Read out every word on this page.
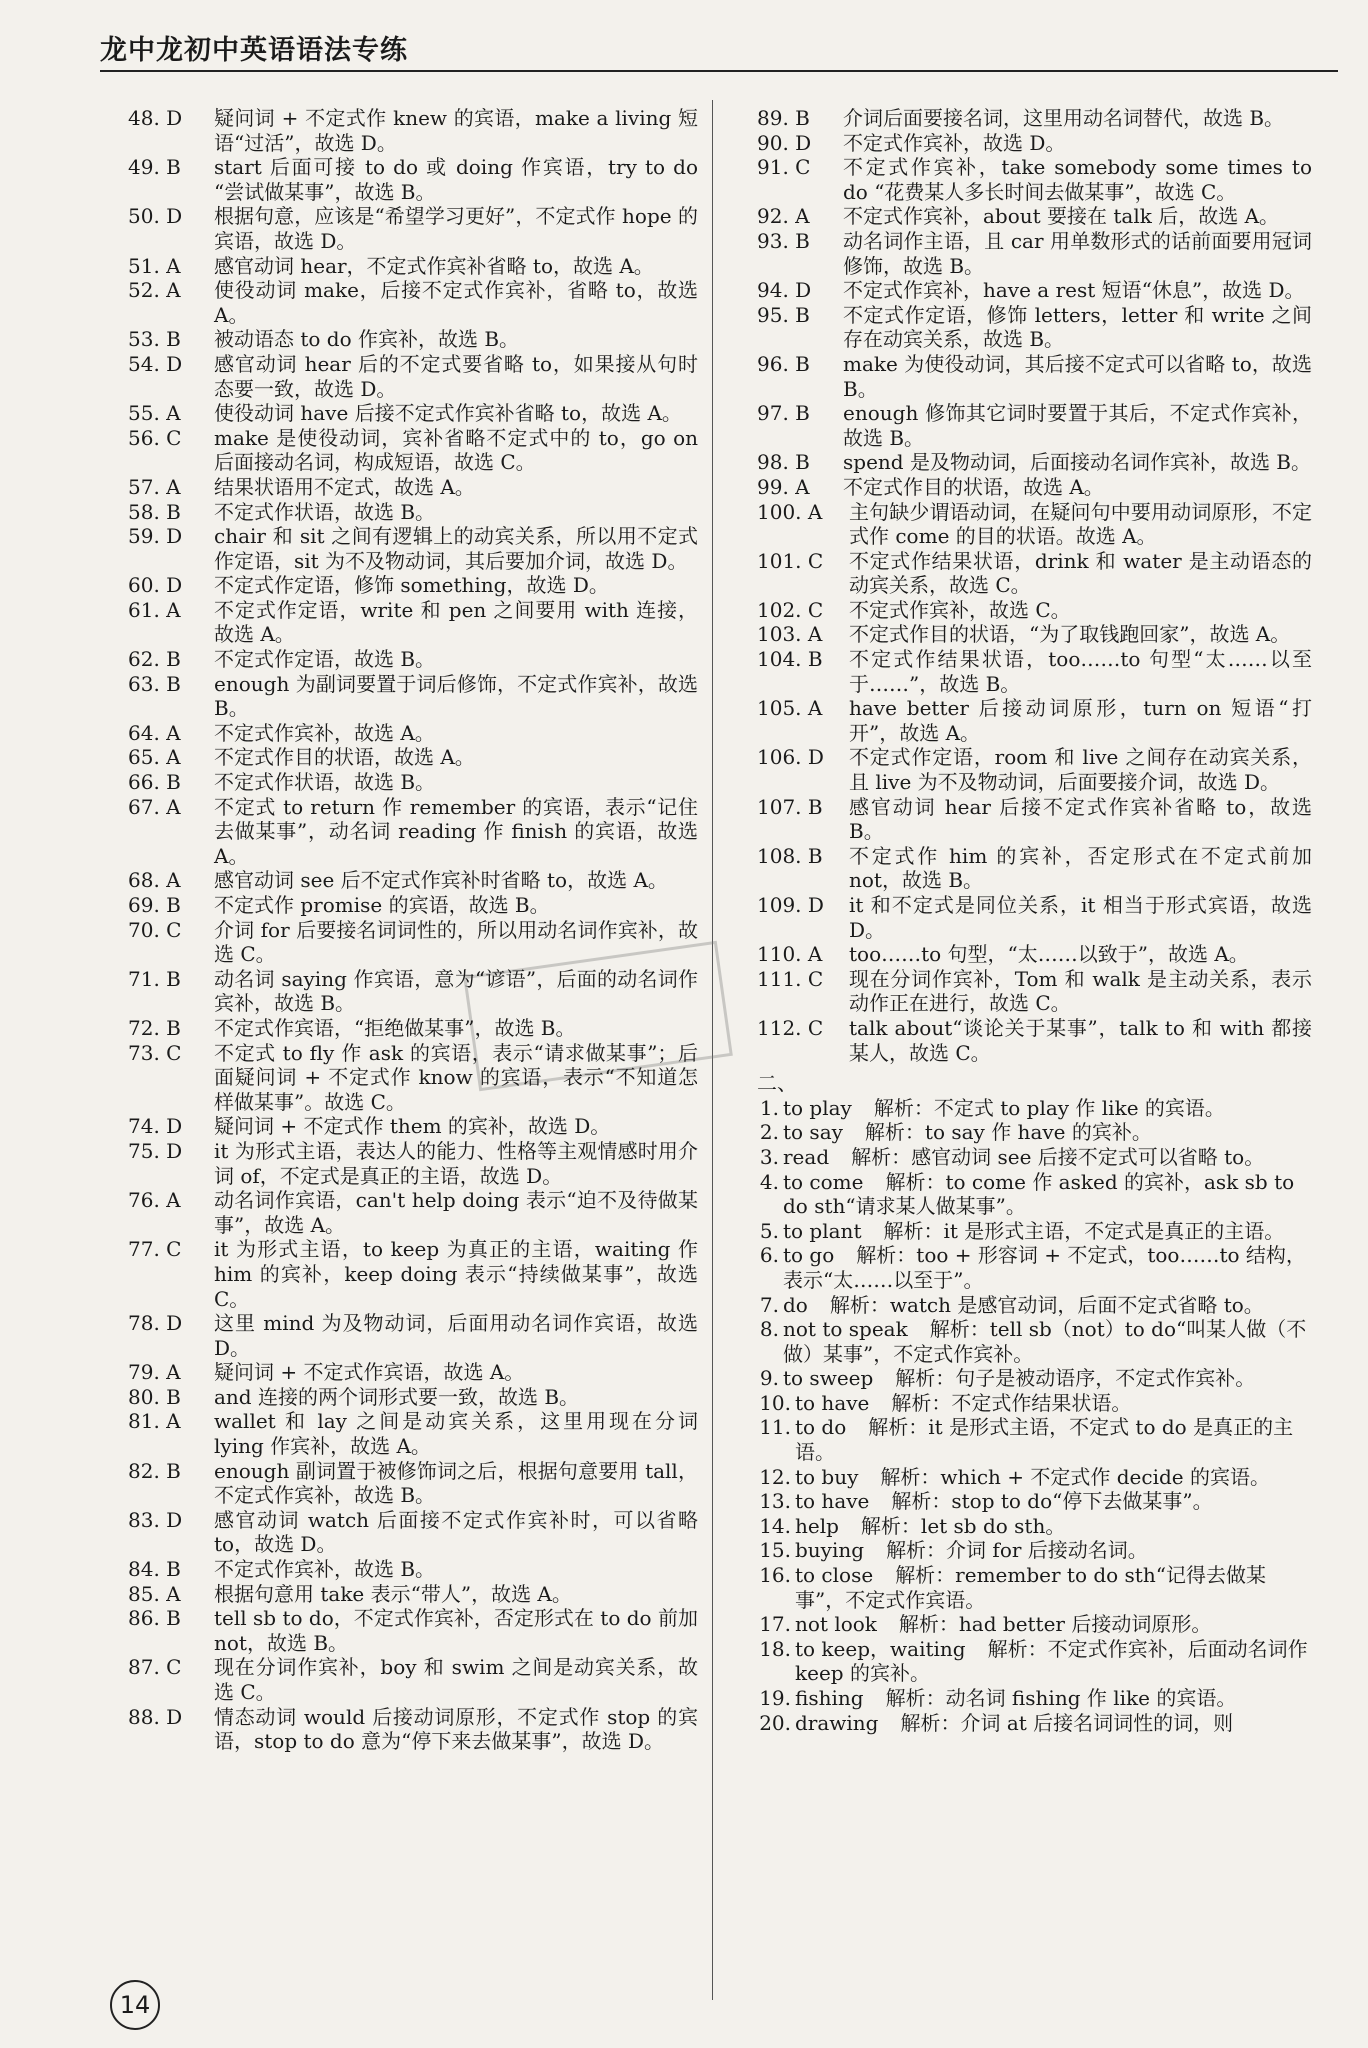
龙中龙初中英语语法专练
48. D	疑问词 + 不定式作 knew 的宾语，make a living 短语“过活”，故选 D。
49. B	start 后面可接 to do 或 doing 作宾语，try to do “尝试做某事”，故选 B。
50. D	根据句意，应该是“希望学习更好”，不定式作 hope 的宾语，故选 D。
51. A	感官动词 hear，不定式作宾补省略 to，故选 A。
52. A	使役动词 make，后接不定式作宾补，省略 to，故选 A。
53. B	被动语态 to do 作宾补，故选 B。
54. D	感官动词 hear 后的不定式要省略 to，如果接从句时态要一致，故选 D。
55. A	使役动词 have 后接不定式作宾补省略 to，故选 A。
56. C	make 是使役动词，宾补省略不定式中的 to，go on 后面接动名词，构成短语，故选 C。
57. A	结果状语用不定式，故选 A。
58. B	不定式作状语，故选 B。
59. D	chair 和 sit 之间有逻辑上的动宾关系，所以用不定式作定语，sit 为不及物动词，其后要加介词，故选 D。
60. D	不定式作定语，修饰 something，故选 D。
61. A	不定式作定语，write 和 pen 之间要用 with 连接，故选 A。
62. B	不定式作定语，故选 B。
63. B	enough 为副词要置于词后修饰，不定式作宾补，故选 B。
64. A	不定式作宾补，故选 A。
65. A	不定式作目的状语，故选 A。
66. B	不定式作状语，故选 B。
67. A	不定式 to return 作 remember 的宾语，表示“记住去做某事”，动名词 reading 作 finish 的宾语，故选 A。
68. A	感官动词 see 后不定式作宾补时省略 to，故选 A。
69. B	不定式作 promise 的宾语，故选 B。
70. C	介词 for 后要接名词词性的，所以用动名词作宾补，故选 C。
71. B	动名词 saying 作宾语，意为“谚语”，后面的动名词作宾补，故选 B。
72. B	不定式作宾语，“拒绝做某事”，故选 B。
73. C	不定式 to fly 作 ask 的宾语，表示“请求做某事”；后面疑问词 + 不定式作 know 的宾语，表示“不知道怎样做某事”。故选 C。
74. D	疑问词 + 不定式作 them 的宾补，故选 D。
75. D	it 为形式主语，表达人的能力、性格等主观情感时用介词 of，不定式是真正的主语，故选 D。
76. A	动名词作宾语，can't help doing 表示“迫不及待做某事”，故选 A。
77. C	it 为形式主语，to keep 为真正的主语，waiting 作 him 的宾补，keep doing 表示“持续做某事”，故选 C。
78. D	这里 mind 为及物动词，后面用动名词作宾语，故选 D。
79. A	疑问词 + 不定式作宾语，故选 A。
80. B	and 连接的两个词形式要一致，故选 B。
81. A	wallet 和 lay 之间是动宾关系，这里用现在分词 lying 作宾补，故选 A。
82. B	enough 副词置于被修饰词之后，根据句意要用 tall，不定式作宾补，故选 B。
83. D	感官动词 watch 后面接不定式作宾补时，可以省略 to，故选 D。
84. B	不定式作宾补，故选 B。
85. A	根据句意用 take 表示“带人”，故选 A。
86. B	tell sb to do，不定式作宾补，否定形式在 to do 前加 not，故选 B。
87. C	现在分词作宾补，boy 和 swim 之间是动宾关系，故选 C。
88. D	情态动词 would 后接动词原形，不定式作 stop 的宾语，stop to do 意为“停下来去做某事”，故选 D。
89. B	介词后面要接名词，这里用动名词替代，故选 B。
90. D	不定式作宾补，故选 D。
91. C	不定式作宾补，take somebody some times to do “花费某人多长时间去做某事”，故选 C。
92. A	不定式作宾补，about 要接在 talk 后，故选 A。
93. B	动名词作主语，且 car 用单数形式的话前面要用冠词修饰，故选 B。
94. D	不定式作宾补，have a rest 短语“休息”，故选 D。
95. B	不定式作定语，修饰 letters，letter 和 write 之间存在动宾关系，故选 B。
96. B	make 为使役动词，其后接不定式可以省略 to，故选 B。
97. B	enough 修饰其它词时要置于其后，不定式作宾补，故选 B。
98. B	spend 是及物动词，后面接动名词作宾补，故选 B。
99. A	不定式作目的状语，故选 A。
100. A	主句缺少谓语动词，在疑问句中要用动词原形，不定式作 come 的目的状语。故选 A。
101. C	不定式作结果状语，drink 和 water 是主动语态的动宾关系，故选 C。
102. C	不定式作宾补，故选 C。
103. A	不定式作目的状语，“为了取钱跑回家”，故选 A。
104. B	不定式作结果状语，too……to 句型“太……以至于……”，故选 B。
105. A	have better 后接动词原形，turn on 短语“打开”，故选 A。
106. D	不定式作定语，room 和 live 之间存在动宾关系，且 live 为不及物动词，后面要接介词，故选 D。
107. B	感官动词 hear 后接不定式作宾补省略 to，故选 B。
108. B	不定式作 him 的宾补，否定形式在不定式前加 not，故选 B。
109. D	it 和不定式是同位关系，it 相当于形式宾语，故选 D。
110. A	too……to 句型，“太……以致于”，故选 A。
111. C	现在分词作宾补，Tom 和 walk 是主动关系，表示动作正在进行，故选 C。
112. C	talk about“谈论关于某事”，talk to 和 with 都接某人，故选 C。
二、
1. to play 解析：不定式 to play 作 like 的宾语。
2. to say 解析：to say 作 have 的宾补。
3. read 解析：感官动词 see 后接不定式可以省略 to。
4. to come 解析：to come 作 asked 的宾补，ask sb to do sth“请求某人做某事”。
5. to plant 解析：it 是形式主语，不定式是真正的主语。
6. to go 解析：too + 形容词 + 不定式，too……to 结构，表示“太……以至于”。
7. do 解析：watch 是感官动词，后面不定式省略 to。
8. not to speak 解析：tell sb（not）to do“叫某人做（不做）某事”，不定式作宾补。
9. to sweep 解析：句子是被动语序，不定式作宾补。
10. to have 解析：不定式作结果状语。
11. to do 解析：it 是形式主语，不定式 to do 是真正的主语。
12. to buy 解析：which + 不定式作 decide 的宾语。
13. to have 解析：stop to do“停下去做某事”。
14. help 解析：let sb do sth。
15. buying 解析：介词 for 后接动名词。
16. to close 解析：remember to do sth“记得去做某事”，不定式作宾语。
17. not look 解析：had better 后接动词原形。
18. to keep，waiting 解析：不定式作宾补，后面动名词作 keep 的宾补。
19. fishing 解析：动名词 fishing 作 like 的宾语。
20. drawing 解析：介词 at 后接名词词性的词，则
14
